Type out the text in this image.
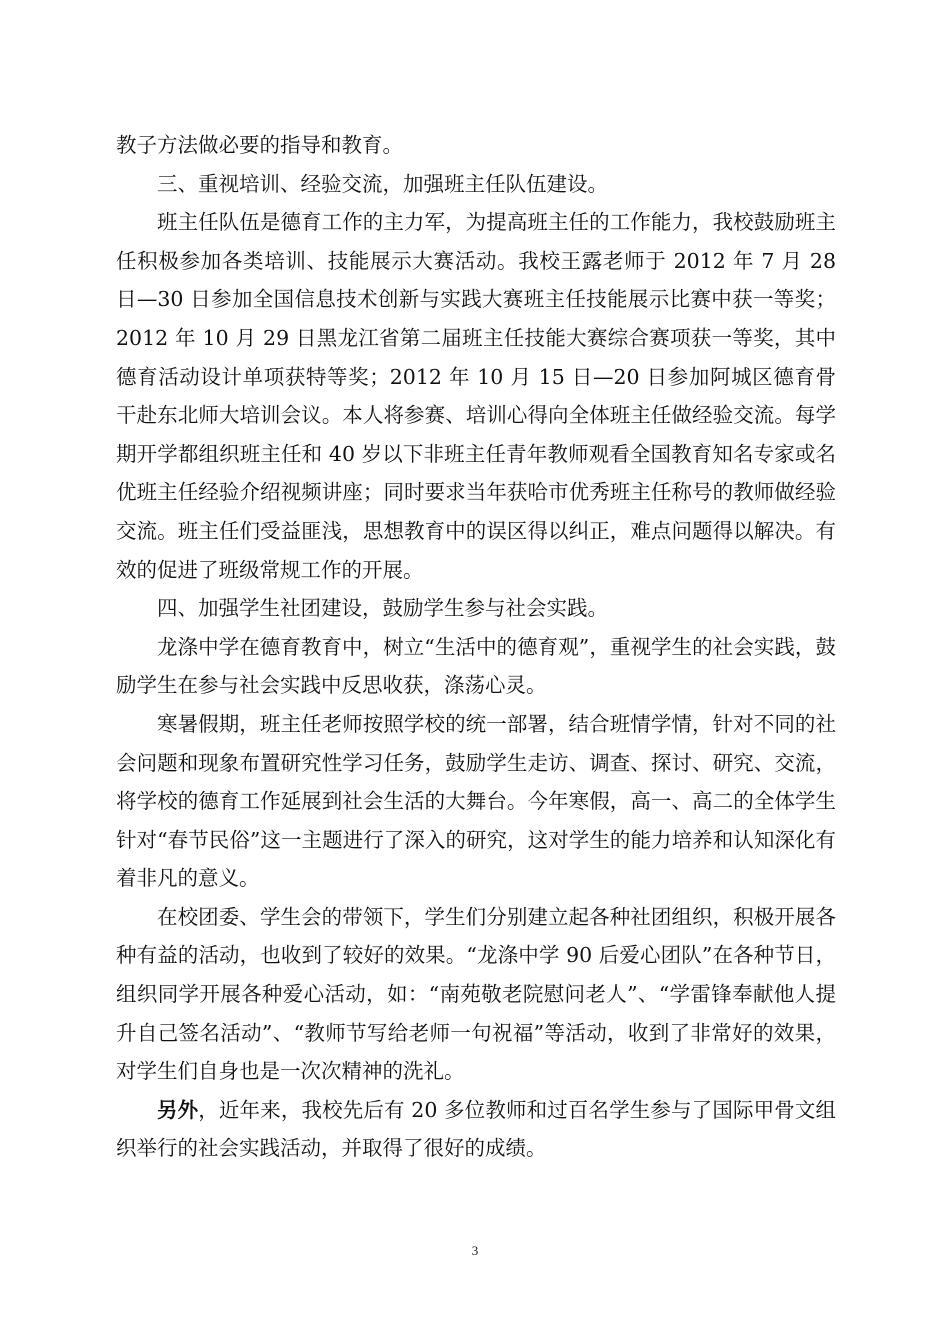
教子方法做必要的指导和教育。

三、重视培训、经验交流，加强班主任队伍建设。

班主任队伍是德育工作的主力军，为提高班主任的工作能力，我校鼓励班主任积极参加各类培训、技能展示大赛活动。我校王露老师于 2012 年 7 月 28 日—30 日参加全国信息技术创新与实践大赛班主任技能展示比赛中获一等奖；2012 年 10 月 29 日黑龙江省第二届班主任技能大赛综合赛项获一等奖，其中德育活动设计单项获特等奖；2012 年 10 月 15 日—20 日参加阿城区德育骨干赴东北师大培训会议。本人将参赛、培训心得向全体班主任做经验交流。每学期开学都组织班主任和 40 岁以下非班主任青年教师观看全国教育知名专家或名优班主任经验介绍视频讲座；同时要求当年获哈市优秀班主任称号的教师做经验交流。班主任们受益匪浅，思想教育中的误区得以纠正，难点问题得以解决。有效的促进了班级常规工作的开展。

四、加强学生社团建设，鼓励学生参与社会实践。

龙涤中学在德育教育中，树立“生活中的德育观”，重视学生的社会实践，鼓励学生在参与社会实践中反思收获，涤荡心灵。

寒暑假期，班主任老师按照学校的统一部署，结合班情学情，针对不同的社会问题和现象布置研究性学习任务，鼓励学生走访、调查、探讨、研究、交流，将学校的德育工作延展到社会生活的大舞台。今年寒假，高一、高二的全体学生针对“春节民俗”这一主题进行了深入的研究，这对学生的能力培养和认知深化有着非凡的意义。

在校团委、学生会的带领下，学生们分别建立起各种社团组织，积极开展各种有益的活动，也收到了较好的效果。“龙涤中学 90 后爱心团队”在各种节日，组织同学开展各种爱心活动，如：“南苑敬老院慰问老人”、“学雷锋奉献他人提升自己签名活动”、“教师节写给老师一句祝福”等活动，收到了非常好的效果，对学生们自身也是一次次精神的洗礼。

另外，近年来，我校先后有 20 多位教师和过百名学生参与了国际甲骨文组织举行的社会实践活动，并取得了很好的成绩。

3
